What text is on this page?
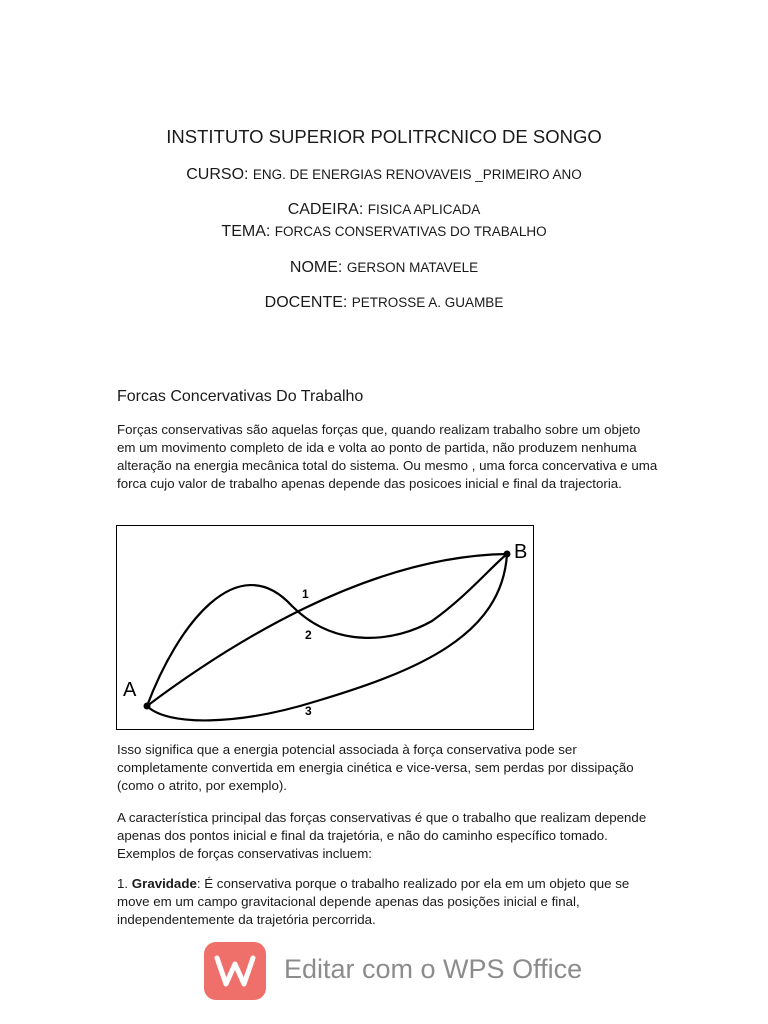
INSTITUTO SUPERIOR POLITRCNICO DE SONGO
CURSO: ENG. DE ENERGIAS RENOVAVEIS _PRIMEIRO ANO
CADEIRA: FISICA APLICADA
TEMA: FORCAS CONSERVATIVAS DO TRABALHO
NOME: GERSON MATAVELE
DOCENTE: PETROSSE A. GUAMBE
Forcas Concervativas Do Trabalho
Forças conservativas são aquelas forças que, quando realizam trabalho sobre um objeto em um movimento completo de ida e volta ao ponto de partida, não produzem nenhuma alteração na energia mecânica total do sistema. Ou mesmo , uma forca concervativa e uma forca cujo valor de trabalho apenas depende das posicoes inicial e final da trajectoria.
A
B
1
2
3
Isso significa que a energia potencial associada à força conservativa pode ser completamente convertida em energia cinética e vice-versa, sem perdas por dissipação (como o atrito, por exemplo).
A característica principal das forças conservativas é que o trabalho que realizam depende apenas dos pontos inicial e final da trajetória, e não do caminho específico tomado. Exemplos de forças conservativas incluem:
1. Gravidade: É conservativa porque o trabalho realizado por ela em um objeto que se move em um campo gravitacional depende apenas das posições inicial e final, independentemente da trajetória percorrida.
Editar com o WPS Office
